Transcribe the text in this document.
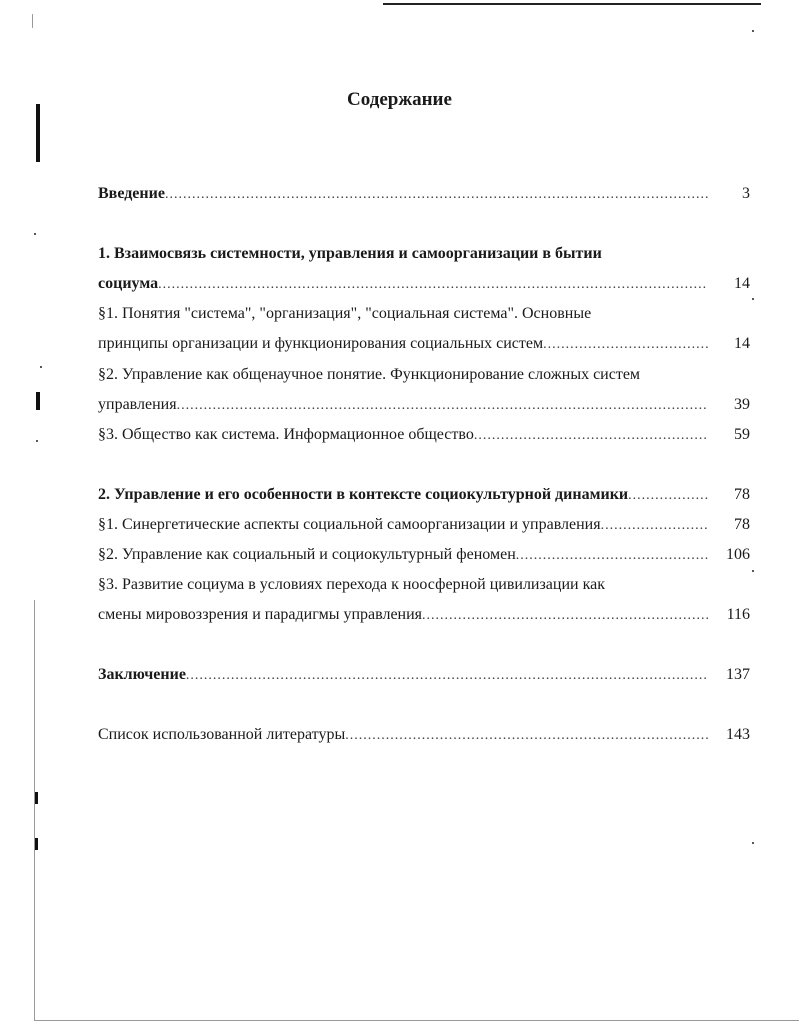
Содержание
Введение .....	3
1. Взаимосвязь системности, управления и самоорганизации в бытии
социума .....	14
§1. Понятия "система", "организация", "социальная система". Основные
принципы организации и функционирования социальных систем .....	14
§2. Управление как общенаучное понятие. Функционирование сложных систем
управления .....	39
§3. Общество как система. Информационное общество .....	59
2. Управление и его особенности в контексте социокультурной динамики .....	78
§1. Синергетические аспекты социальной самоорганизации и управления .....	78
§2. Управление как социальный и социокультурный феномен .....	106
§3. Развитие социума в условиях перехода к ноосферной цивилизации как
смены мировоззрения и парадигмы управления .....	116
Заключение .....	137
Список использованной литературы .....	143
